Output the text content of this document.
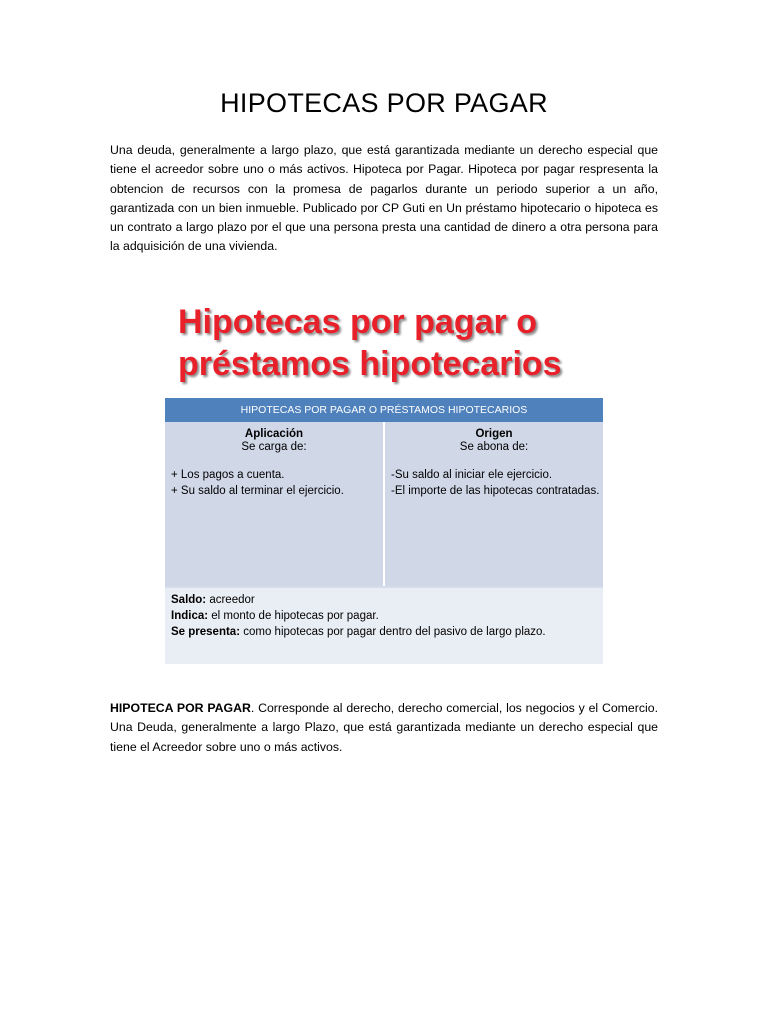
HIPOTECAS POR PAGAR

Una deuda, generalmente a largo plazo, que está garantizada mediante un derecho especial que tiene el acreedor sobre uno o más activos. Hipoteca por Pagar. Hipoteca por pagar respresenta la obtencion de recursos con la promesa de pagarlos durante un periodo superior a un año, garantizada con un bien inmueble. Publicado por CP Guti en Un préstamo hipotecario o hipoteca es un contrato a largo plazo por el que una persona presta una cantidad de dinero a otra persona para la adquisición de una vivienda.

Hipotecas por pagar o
préstamos hipotecarios
HIPOTECAS POR PAGAR O PRÉSTAMOS HIPOTECARIOS
Aplicación
Se carga de:
+ Los pagos a cuenta.
+ Su saldo al terminar el ejercicio.
Origen
Se abona de:
-Su saldo al iniciar ele ejercicio.
-El importe de las hipotecas contratadas.
Saldo: acreedor
Indica: el monto de hipotecas por pagar.
Se presenta: como hipotecas por pagar dentro del pasivo de largo plazo.

HIPOTECA POR PAGAR. Corresponde al derecho, derecho comercial, los negocios y el Comercio. Una Deuda, generalmente a largo Plazo, que está garantizada mediante un derecho especial que tiene el Acreedor sobre uno o más activos.
